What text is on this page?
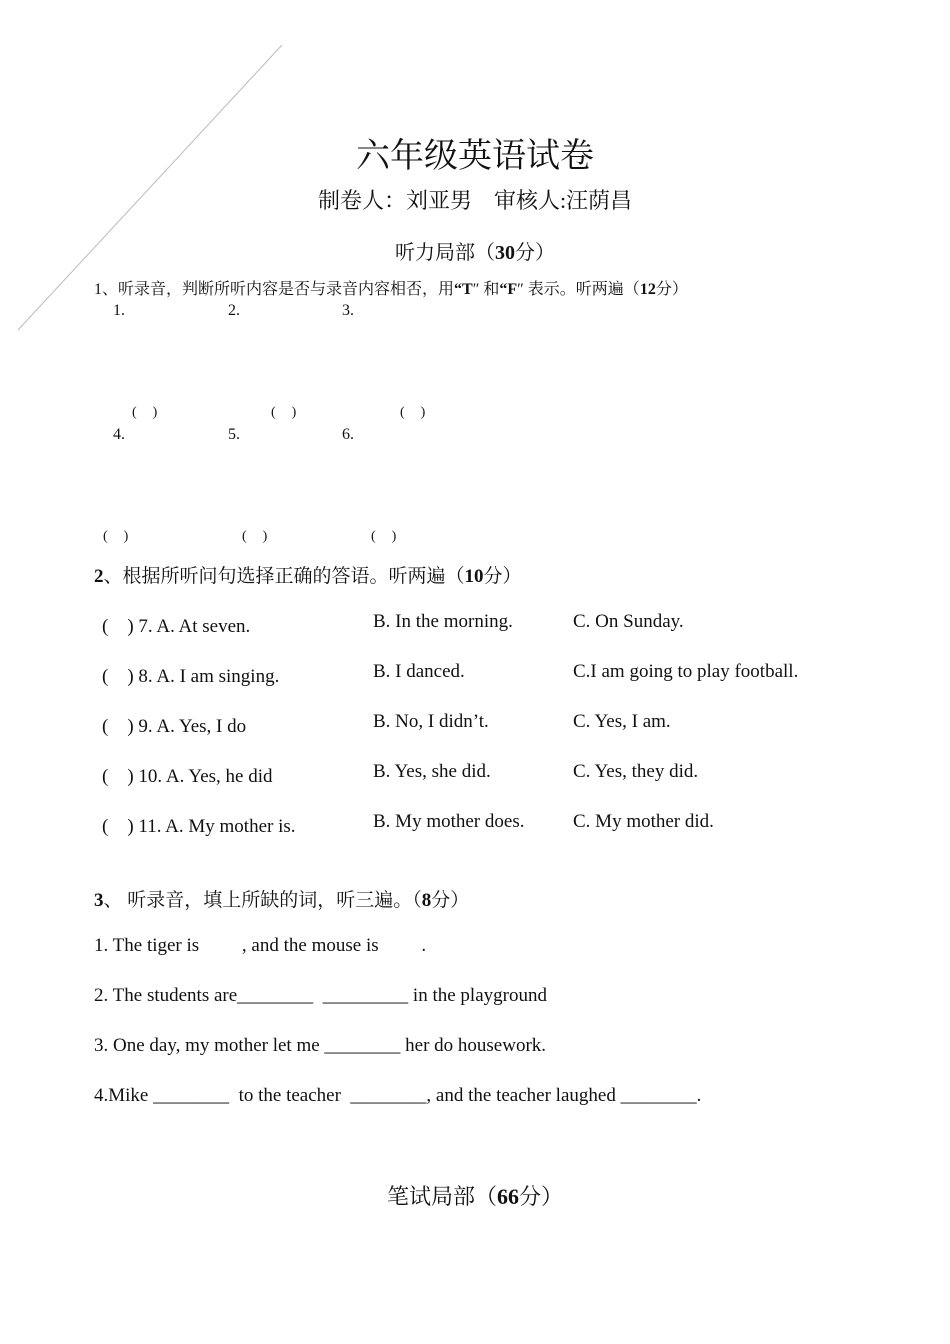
六年级英语试卷
制卷人：刘亚男　审核人:汪荫昌
听力局部（30分）
1、听录音，判断所听内容是否与录音内容相否，用“T″ 和“F″ 表示。听两遍（12分）
1.	2.	3.
(　)	(　)	(　)
4.	5.	6.
(　)	(　)	(　)
2、根据所听问句选择正确的答语。听两遍（10分）
(　) 7. A. At seven.	B. In the morning.	C. On Sunday.
(　) 8. A. I am singing.	B. I danced.	C.I am going to play football.
(　) 9. A. Yes, I do	B. No, I didn’t.	C. Yes, I am.
(　) 10. A. Yes, he did	B. Yes, she did.	C. Yes, they did.
(　) 11. A. My mother is.	B. My mother does.	C. My mother did.
3、 听录音，填上所缺的词，听三遍。（8分）
1. The tiger is         , and the mouse is         .
2. The students are________  _________ in the playground
3. One day, my mother let me ________ her do housework.
4.Mike ________  to the teacher  ________, and the teacher laughed ________.
笔试局部（66分）
